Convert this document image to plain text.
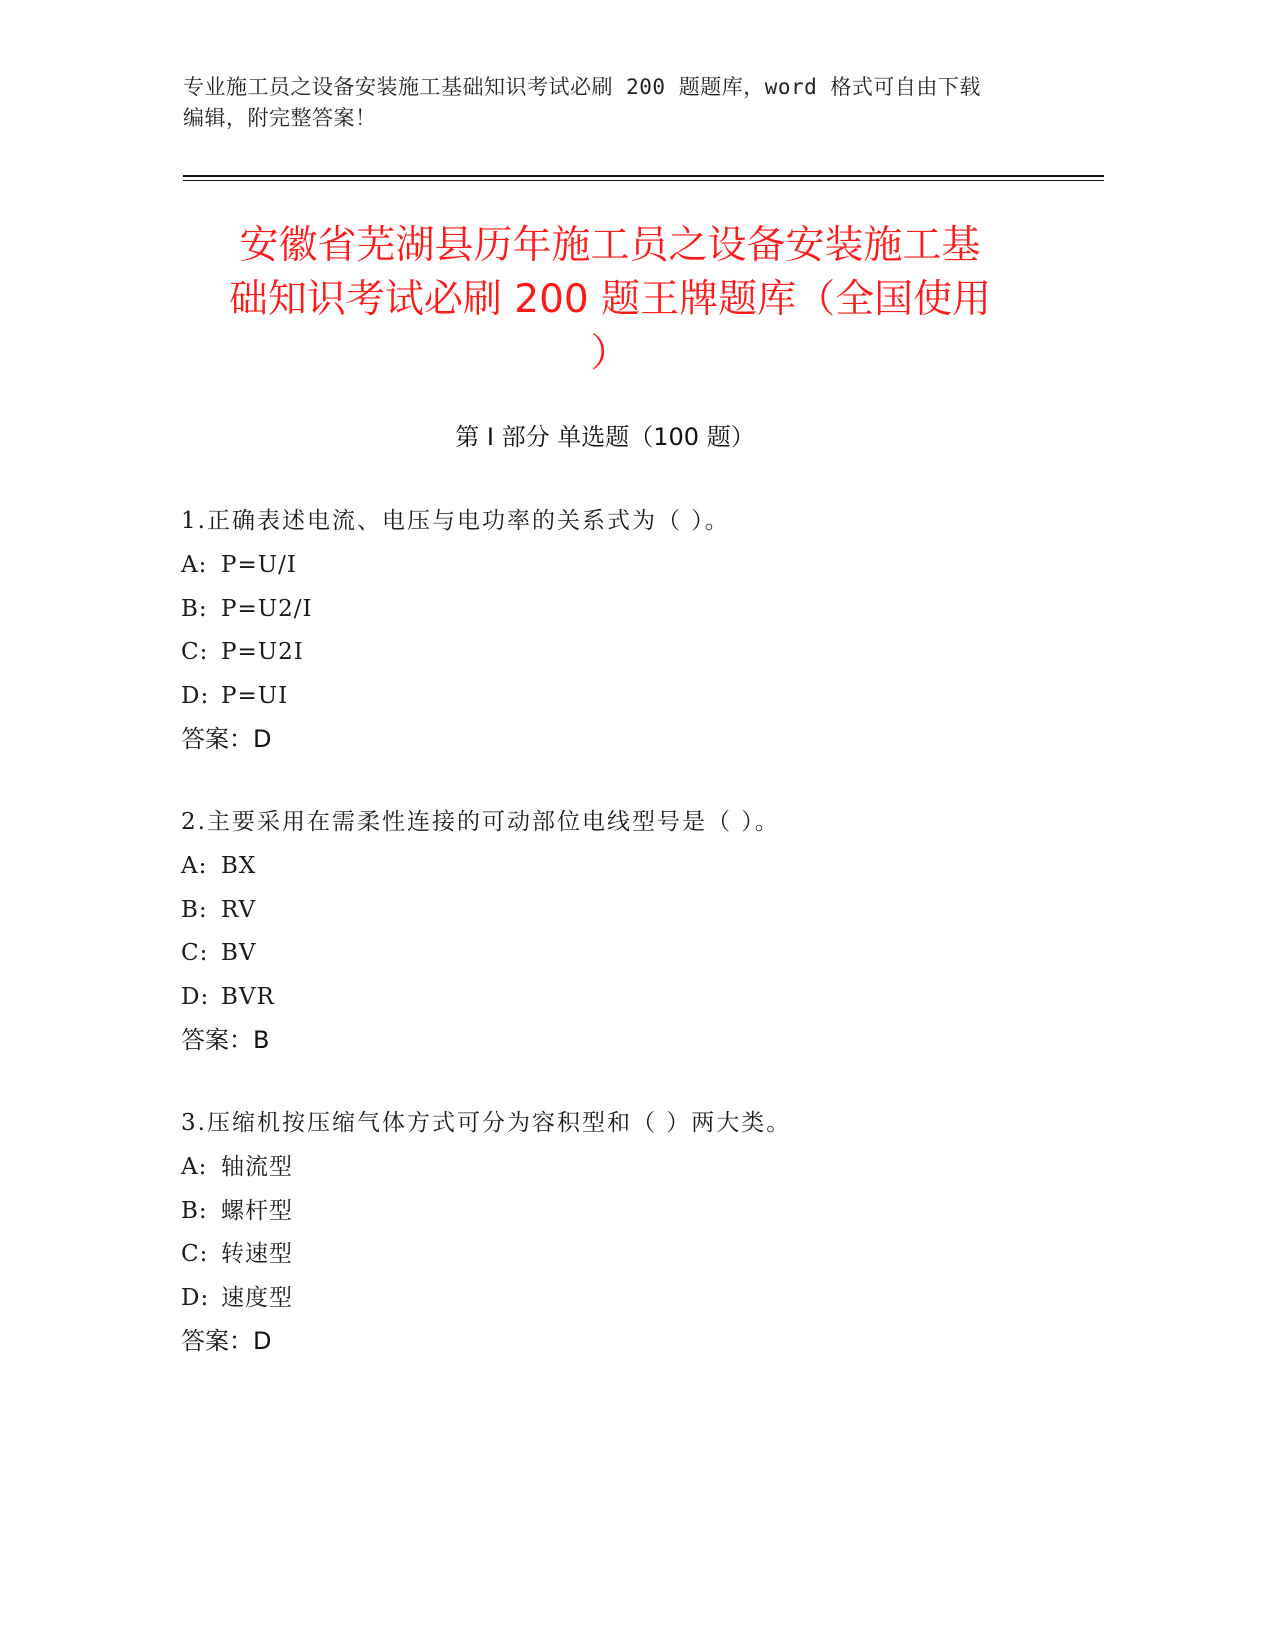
专业施工员之设备安装施工基础知识考试必刷 200 题题库，word 格式可自由下载
编辑，附完整答案！
安徽省芜湖县历年施工员之设备安装施工基
础知识考试必刷 200 题王牌题库（全国使用
）
第 I 部分 单选题（100 题）
1.正确表述电流、电压与电功率的关系式为（ ）。
A: P=U/I
B: P=U2/I
C: P=U2I
D: P=UI
答案：D
2.主要采用在需柔性连接的可动部位电线型号是（ ）。
A: BX
B: RV
C: BV
D: BVR
答案：B
3.压缩机按压缩气体方式可分为容积型和（ ）两大类。
A: 轴流型
B: 螺杆型
C: 转速型
D: 速度型
答案：D
